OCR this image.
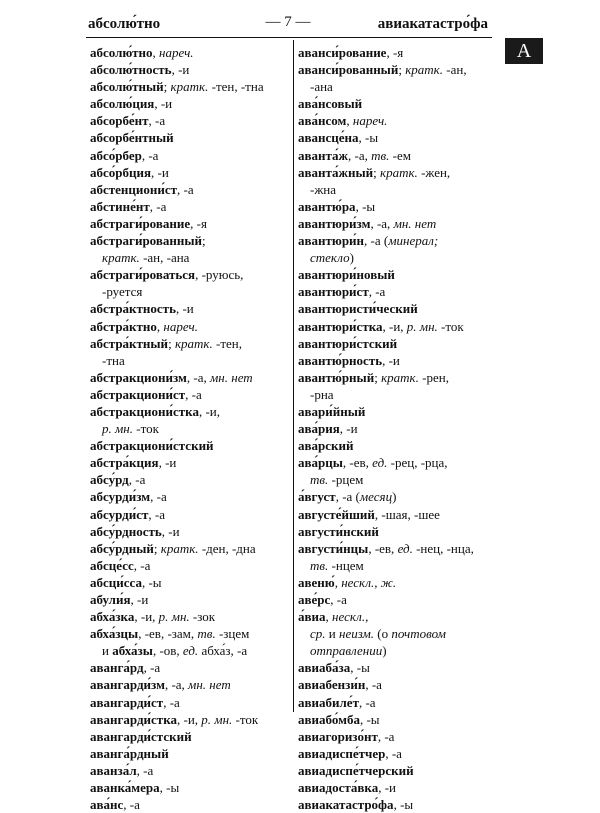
абсолю́тно	— 7 —	авиакатастро́фа
А
абсолю́тно, нареч.
абсолю́тность, -и
абсолю́тный; кратк. -тен, -тна
абсолю́ция, -и
абсорбе́нт, -а
абсорбе́нтный
абсо́рбер, -а
абсо́рбция, -и
абстенциони́ст, -а
абстине́нт, -а
абстраги́рование, -я
абстраги́рованный;
кратк. -ан, -ана
абстраги́роваться, -руюсь,
-руется
абстра́ктность, -и
абстра́ктно, нареч.
абстра́ктный; кратк. -тен,
-тна
абстракциони́зм, -а, мн. нет
абстракциони́ст, -а
абстракциони́стка, -и,
р. мн. -ток
абстракциони́стский
абстра́кция, -и
абсу́рд, -а
абсурди́зм, -а
абсурди́ст, -а
абсу́рдность, -и
абсу́рдный; кратк. -ден, -дна
абсце́сс, -а
абсци́сса, -ы
абули́я, -и
абха́зка, -и, р. мн. -зок
абха́зцы, -ев, -зам, тв. -зцем
и абха́зы, -ов, ед. абха́з, -а
аванга́рд, -а
авангарди́зм, -а, мн. нет
авангарди́ст, -а
авангарди́стка, -и, р. мн. -ток
авангарди́стский
аванга́рдный
аванза́л, -а
аванка́мера, -ы
ава́нс, -а
аванси́рование, -я
аванси́рованный; кратк. -ан,
-ана
ава́нсовый
ава́нсом, нареч.
авансце́на, -ы
аванта́ж, -а, тв. -ем
аванта́жный; кратк. -жен,
-жна
авантю́ра, -ы
авантюри́зм, -а, мн. нет
авантюри́н, -а (минерал;
стекло)
авантюри́новый
авантюри́ст, -а
авантюристи́ческий
авантюри́стка, -и, р. мн. -ток
авантюри́стский
авантю́рность, -и
авантю́рный; кратк. -рен,
-рна
авари́йный
ава́рия, -и
ава́рский
ава́рцы, -ев, ед. -рец, -рца,
тв. -рцем
а́вгуст, -а (месяц)
августе́йший, -шая, -шее
августи́нский
августи́нцы, -ев, ед. -нец, -нца,
тв. -нцем
авеню́, нескл., ж.
аве́рс, -а
а́виа, нескл.,
ср. и неизм. (о почтовом
отправлении)
авиаба́за, -ы
авиабензи́н, -а
авиабиле́т, -а
авиабо́мба, -ы
авиагоризо́нт, -а
авиадиспе́тчер, -а
авиадиспе́тчерский
авиадоста́вка, -и
авиакатастро́фа, -ы
